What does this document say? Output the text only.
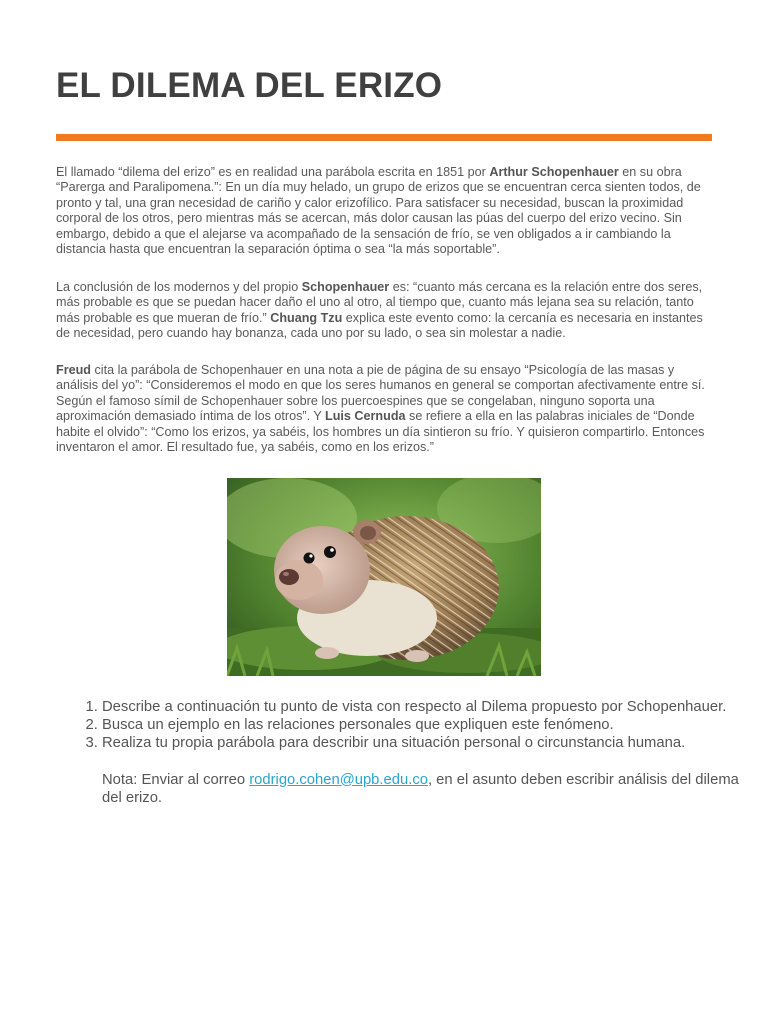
EL DILEMA DEL ERIZO

El llamado “dilema del erizo” es en realidad una parábola escrita en 1851 por Arthur Schopenhauer en su obra “Parerga and Paralipomena.”: En un día muy helado, un grupo de erizos que se encuentran cerca sienten todos, de pronto y tal, una gran necesidad de cariño y calor erizofílico. Para satisfacer su necesidad, buscan la proximidad corporal de los otros, pero mientras más se acercan, más dolor causan las púas del cuerpo del erizo vecino. Sin embargo, debido a que el alejarse va acompañado de la sensación de frío, se ven obligados a ir cambiando la distancia hasta que encuentran la separación óptima o sea “la más soportable”.

La conclusión de los modernos y del propio Schopenhauer es: “cuanto más cercana es la relación entre dos seres, más probable es que se puedan hacer daño el uno al otro, al tiempo que, cuanto más lejana sea su relación, tanto más probable es que mueran de frío.” Chuang Tzu explica este evento como: la cercanía es necesaria en instantes de necesidad, pero cuando hay bonanza, cada uno por su lado, o sea sin molestar a nadie.

Freud cita la parábola de Schopenhauer en una nota a pie de página de su ensayo “Psicología de las masas y análisis del yo”: “Consideremos el modo en que los seres humanos en general se comportan afectivamente entre sí. Según el famoso símil de Schopenhauer sobre los puercoespines que se congelaban, ninguno soporta una aproximación demasiado íntima de los otros”. Y Luis Cernuda se refiere a ella en las palabras iniciales de “Donde habite el olvido”: “Como los erizos, ya sabéis, los hombres un día sintieron su frío. Y quisieron compartirlo. Entonces inventaron el amor. El resultado fue, ya sabéis, como en los erizos.”

1. Describe a continuación tu punto de vista con respecto al Dilema propuesto por Schopenhauer.
2. Busca un ejemplo en las relaciones personales que expliquen este fenómeno.
3. Realiza tu propia parábola para describir una situación personal o circunstancia humana.
Nota: Enviar al correo rodrigo.cohen@upb.edu.co, en el asunto deben escribir análisis del dilema del erizo.
